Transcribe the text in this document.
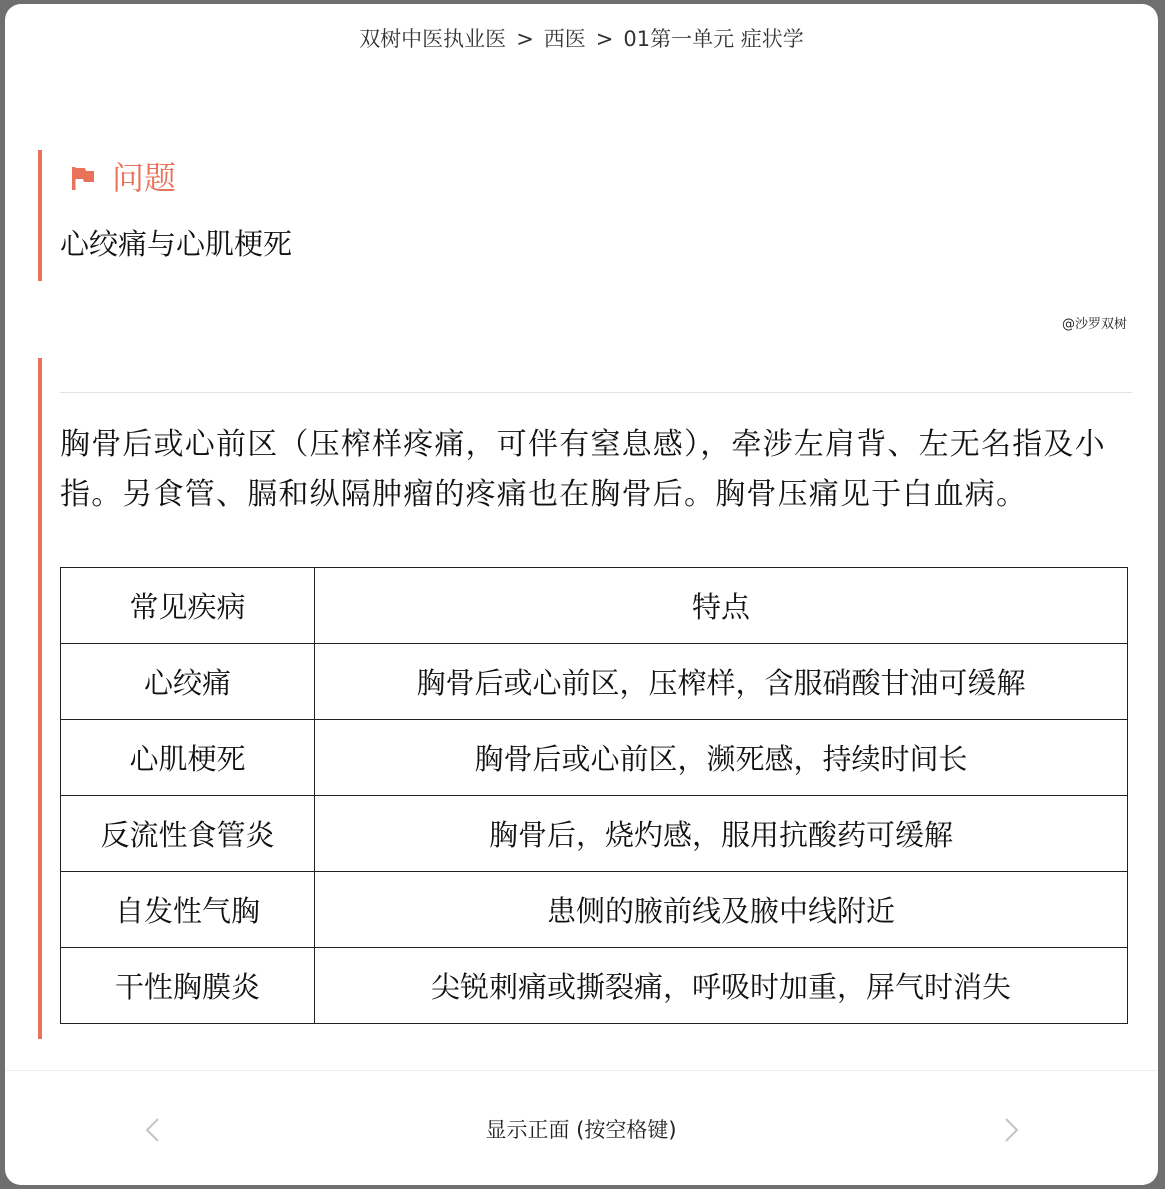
双树中医执业医 > 西医 > 01第一单元 症状学
问题
心绞痛与心肌梗死
@沙罗双树
胸骨后或心前区（压榨样疼痛，可伴有窒息感），牵涉左肩背、左无名指及小指。另食管、膈和纵隔肿瘤的疼痛也在胸骨后。胸骨压痛见于白血病。
常见疾病	特点
心绞痛	胸骨后或心前区，压榨样，含服硝酸甘油可缓解
心肌梗死	胸骨后或心前区，濒死感，持续时间长
反流性食管炎	胸骨后，烧灼感，服用抗酸药可缓解
自发性气胸	患侧的腋前线及腋中线附近
干性胸膜炎	尖锐刺痛或撕裂痛，呼吸时加重，屏气时消失
显示正面 (按空格键)
